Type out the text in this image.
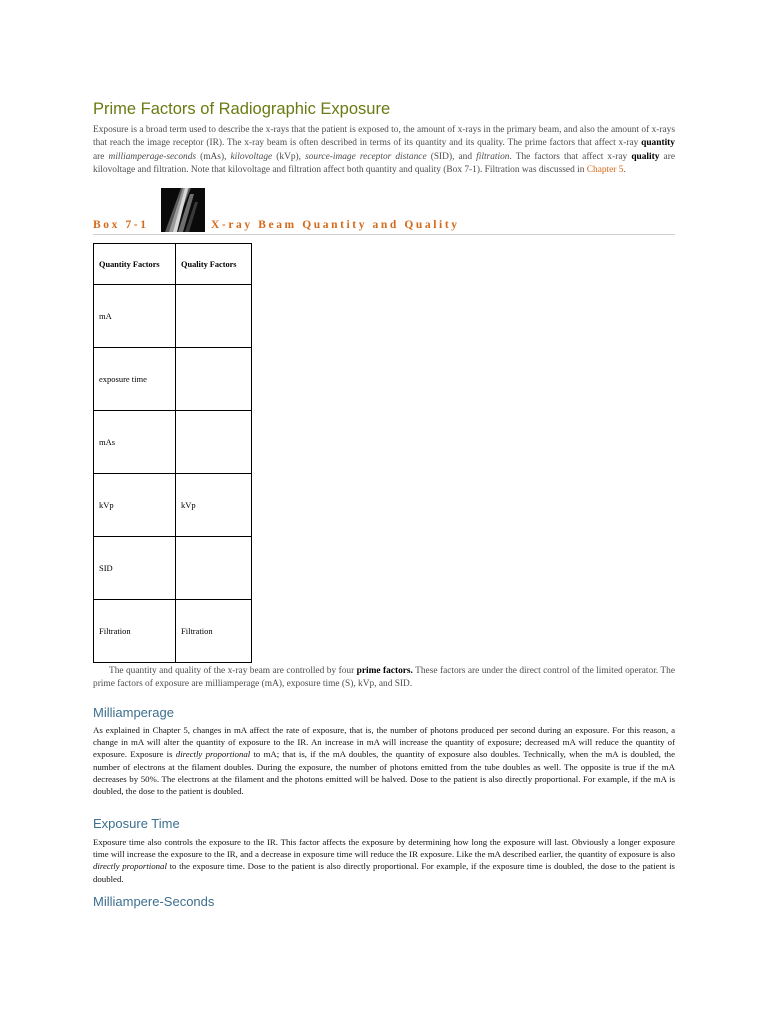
Prime Factors of Radiographic Exposure

Exposure is a broad term used to describe the x-rays that the patient is exposed to, the amount of x-rays in the primary beam, and also the amount of x-rays that reach the image receptor (IR). The x-ray beam is often described in terms of its quantity and its quality. The prime factors that affect x-ray quantity are milliamperage-seconds (mAs), kilovoltage (kVp), source-image receptor distance (SID), and filtration. The factors that affect x-ray quality are kilovoltage and filtration. Note that kilovoltage and filtration affect both quantity and quality (Box 7-1). Filtration was discussed in Chapter 5.

Box 7-1	X-ray Beam Quantity and Quality
Quantity Factors	Quality Factors
mA	
exposure time	
mAs	
kVp	kVp
SID	
Filtration	Filtration

The quantity and quality of the x-ray beam are controlled by four prime factors. These factors are under the direct control of the limited operator. The prime factors of exposure are milliamperage (mA), exposure time (S), kVp, and SID.

Milliamperage

As explained in Chapter 5, changes in mA affect the rate of exposure, that is, the number of photons produced per second during an exposure. For this reason, a change in mA will alter the quantity of exposure to the IR. An increase in mA will increase the quantity of exposure; decreased mA will reduce the quantity of exposure. Exposure is directly proportional to mA; that is, if the mA doubles, the quantity of exposure also doubles. Technically, when the mA is doubled, the number of electrons at the filament doubles. During the exposure, the number of photons emitted from the tube doubles as well. The opposite is true if the mA decreases by 50%. The electrons at the filament and the photons emitted will be halved. Dose to the patient is also directly proportional. For example, if the mA is doubled, the dose to the patient is doubled.

Exposure Time

Exposure time also controls the exposure to the IR. This factor affects the exposure by determining how long the exposure will last. Obviously a longer exposure time will increase the exposure to the IR, and a decrease in exposure time will reduce the IR exposure. Like the mA described earlier, the quantity of exposure is also directly proportional to the exposure time. Dose to the patient is also directly proportional. For example, if the exposure time is doubled, the dose to the patient is doubled.

Milliampere-Seconds
